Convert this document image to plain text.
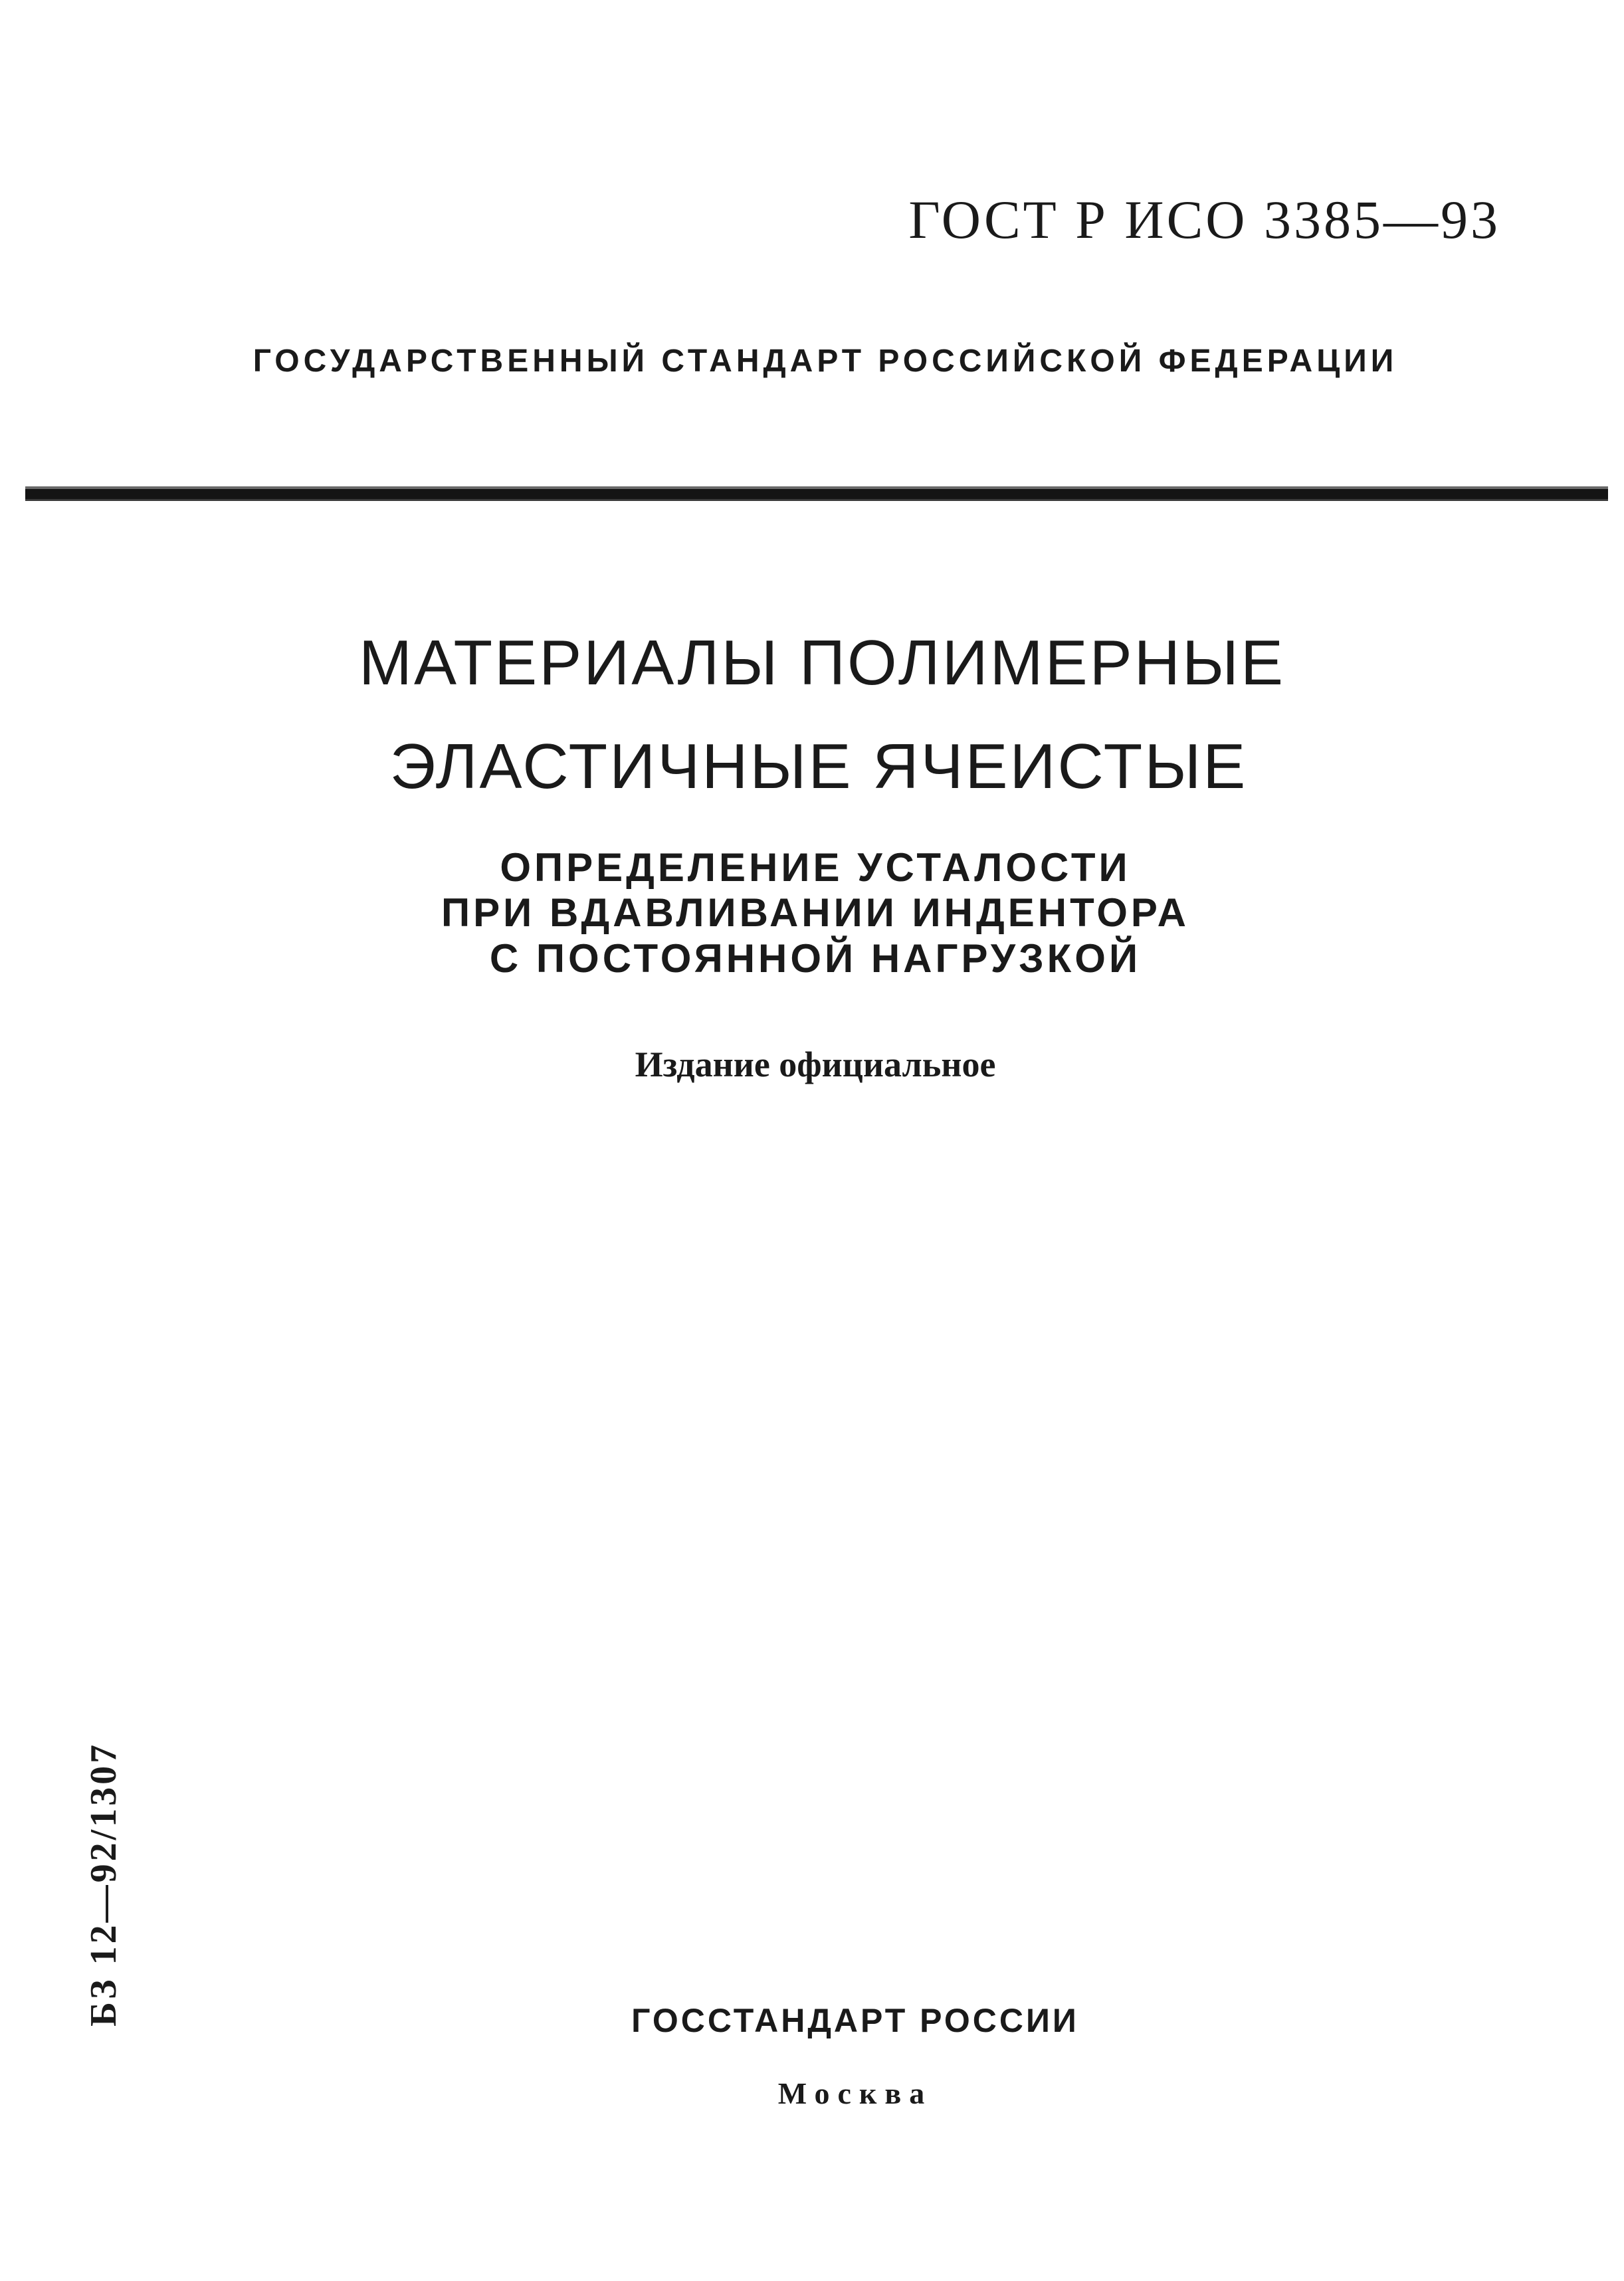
ГОСТ Р ИСО 3385—93
ГОСУДАРСТВЕННЫЙ СТАНДАРТ РОССИЙСКОЙ ФЕДЕРАЦИИ
МАТЕРИАЛЫ ПОЛИМЕРНЫЕ
ЭЛАСТИЧНЫЕ ЯЧЕИСТЫЕ
ОПРЕДЕЛЕНИЕ УСТАЛОСТИ
ПРИ ВДАВЛИВАНИИ ИНДЕНТОРА
С ПОСТОЯННОЙ НАГРУЗКОЙ
Издание официальное
БЗ 12—92/1307	ГОССТАНДАРТ РОССИИ
Москва
